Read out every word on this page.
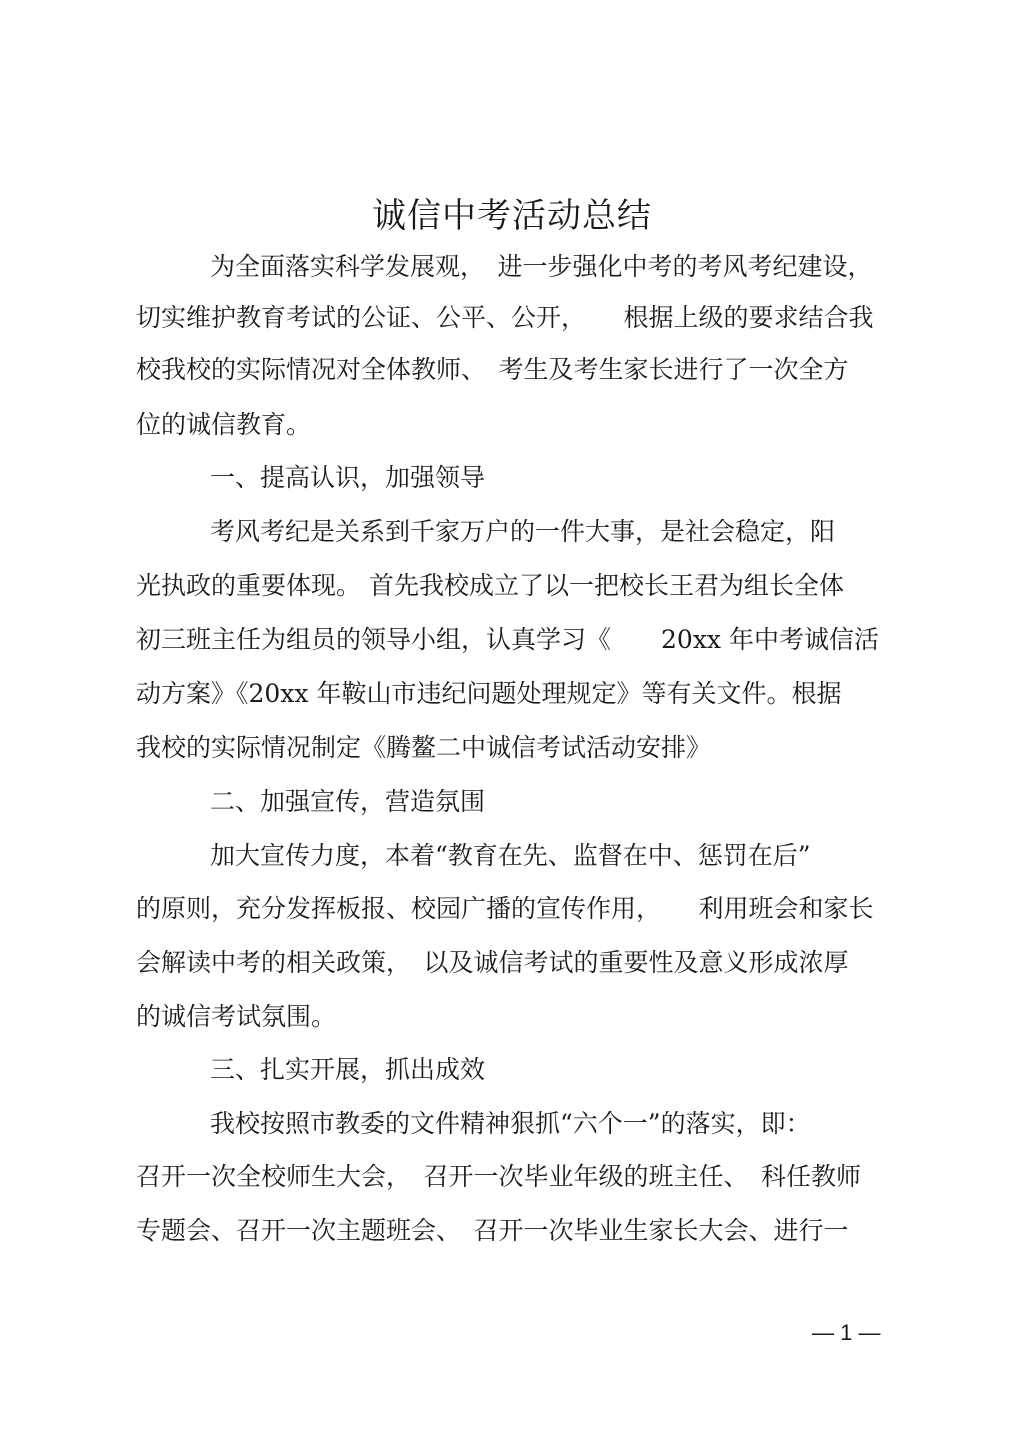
诚信中考活动总结

为全面落实科学发展观，　进一步强化中考的考风考纪建设，

切实维护教育考试的公证、公平、公开，　　根据上级的要求结合我

校我校的实际情况对全体教师、　考生及考生家长进行了一次全方

位的诚信教育。

一、提高认识，加强领导

考风考纪是关系到千家万户的一件大事，是社会稳定，阳

光执政的重要体现。 首先我校成立了以一把校长王君为组长全体

初三班主任为组员的领导小组，认真学习《　　20xx 年中考诚信活

动方案》《20xx 年鞍山市违纪问题处理规定》等有关文件。根据

我校的实际情况制定《腾鳌二中诚信考试活动安排》

二、加强宣传，营造氛围

加大宣传力度，本着“教育在先、监督在中、惩罚在后”

的原则，充分发挥板报、校园广播的宣传作用，　　利用班会和家长

会解读中考的相关政策，　以及诚信考试的重要性及意义形成浓厚

的诚信考试氛围。

三、扎实开展，抓出成效

我校按照市教委的文件精神狠抓“六个一”的落实，即：

召开一次全校师生大会，　召开一次毕业年级的班主任、　科任教师

专题会、召开一次主题班会、　召开一次毕业生家长大会、进行一

— 1 —
